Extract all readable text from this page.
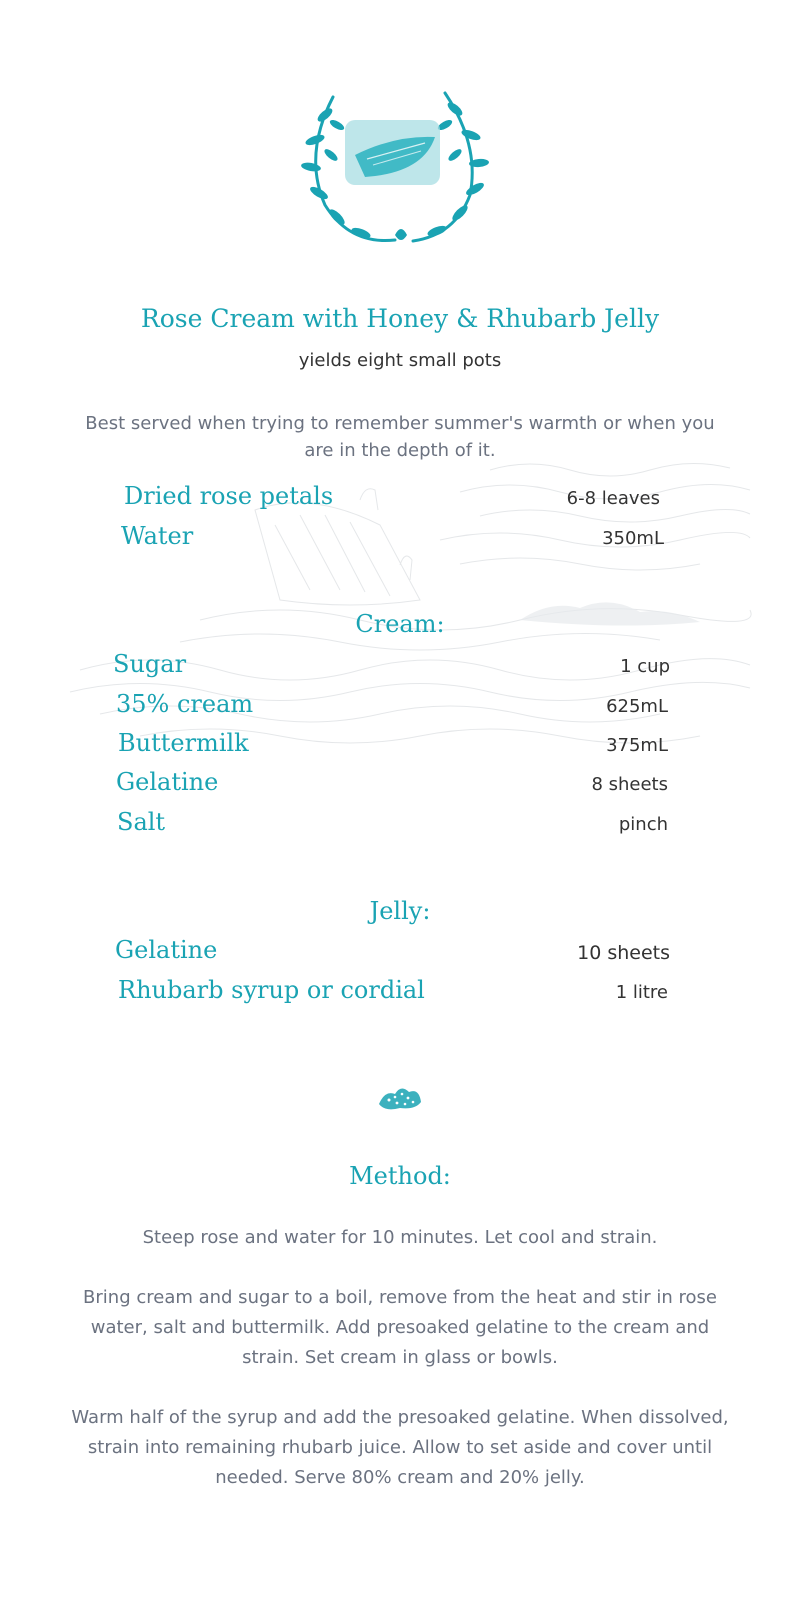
Rose Cream with Honey & Rhubarb Jelly
yields eight small pots
Best served when trying to remember summer's warmth or when you are in the depth of it.
Dried rose petals	6-8 leaves
Water	350mL
Cream:
Sugar	1 cup
35% cream	625mL
Buttermilk	375mL
Gelatine	8 sheets
Salt	pinch
Jelly:
Gelatine	10 sheets
Rhubarb syrup or cordial	1 litre
Method:
Steep rose and water for 10 minutes. Let cool and strain.
Bring cream and sugar to a boil, remove from the heat and stir in rose water, salt and buttermilk. Add presoaked gelatine to the cream and strain. Set cream in glass or bowls.
Warm half of the syrup and add the presoaked gelatine. When dissolved, strain into remaining rhubarb juice. Allow to set aside and cover until needed. Serve 80% cream and 20% jelly.
